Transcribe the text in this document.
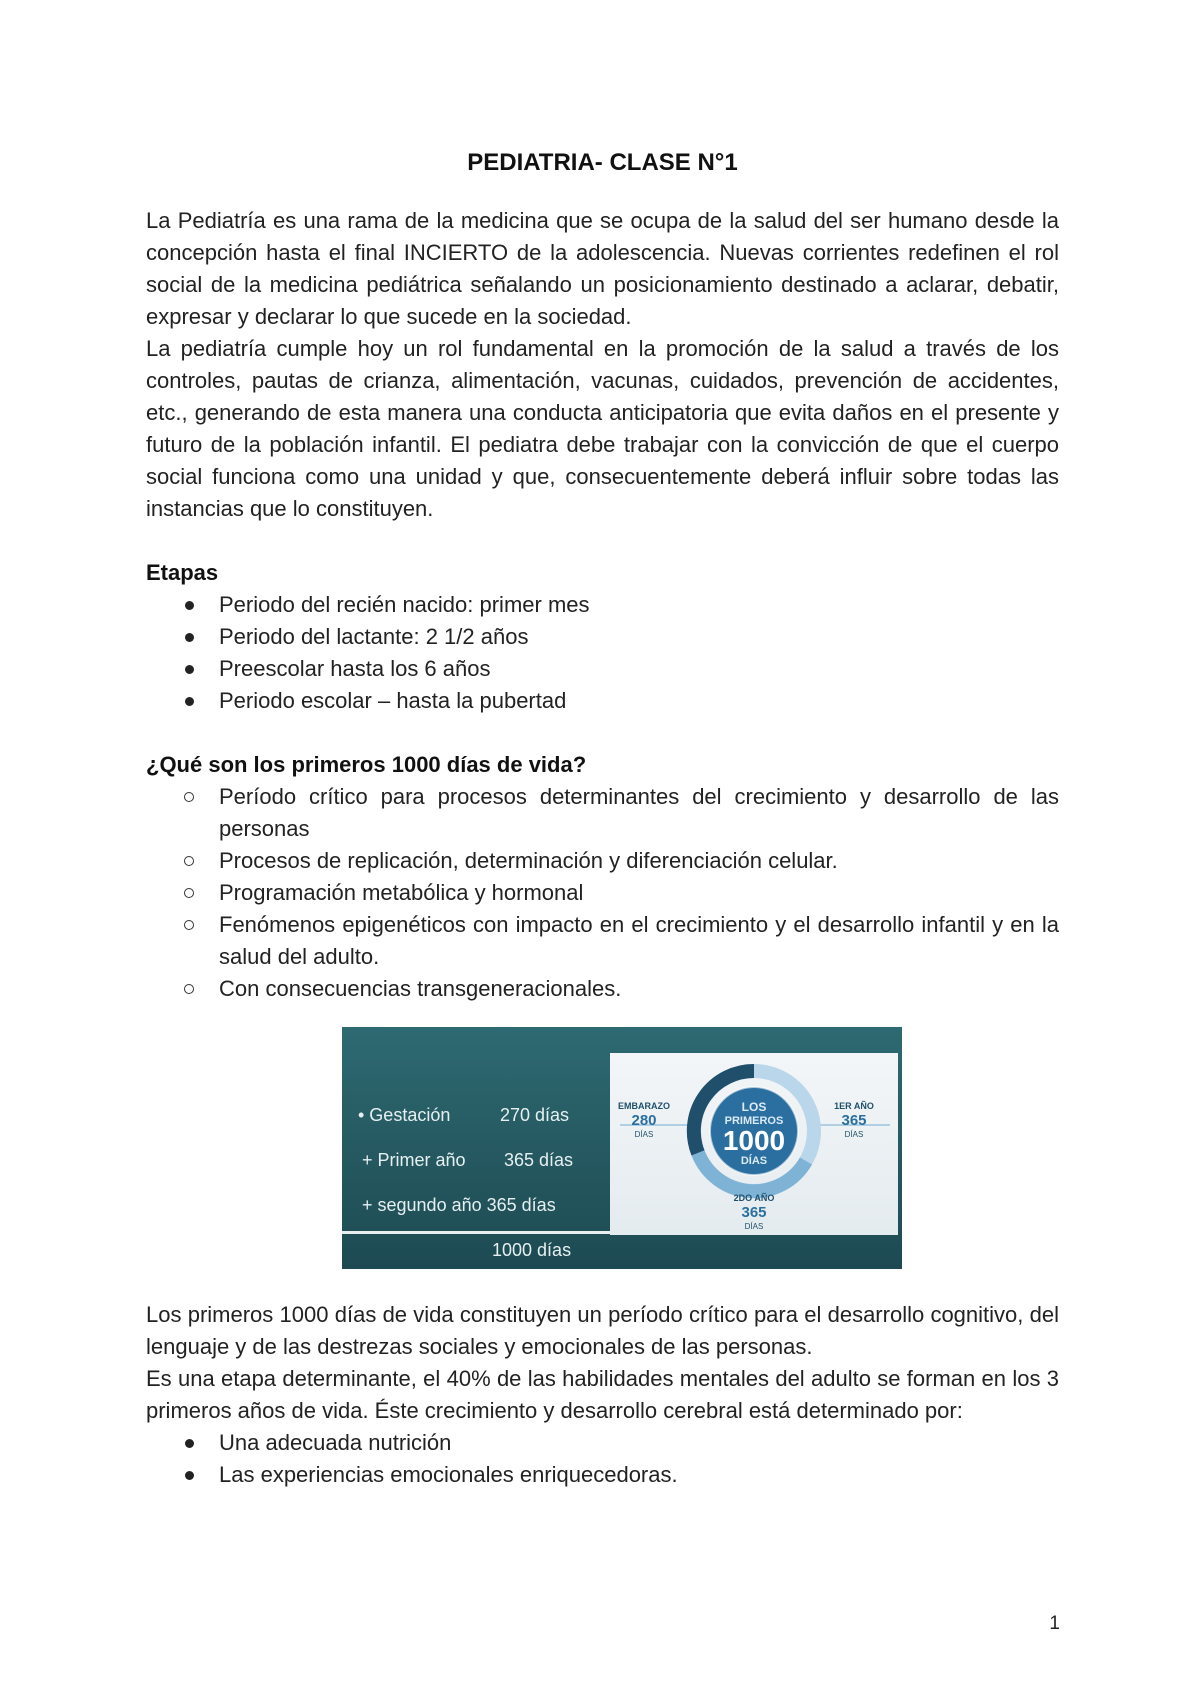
PEDIATRIA- CLASE N°1

La Pediatría es una rama de la medicina que se ocupa de la salud del ser humano desde la concepción hasta el final INCIERTO de la adolescencia. Nuevas corrientes redefinen el rol social de la medicina pediátrica señalando un posicionamiento destinado a aclarar, debatir, expresar y declarar lo que sucede en la sociedad.

La pediatría cumple hoy un rol fundamental en la promoción de la salud a través de los controles, pautas de crianza, alimentación, vacunas, cuidados, prevención de accidentes, etc., generando de esta manera una conducta anticipatoria que evita daños en el presente y futuro de la población infantil. El pediatra debe trabajar con la convicción de que el cuerpo social funciona como una unidad y que, consecuentemente deberá influir sobre todas las instancias que lo constituyen.

Etapas
Periodo del recién nacido: primer mes
Periodo del lactante: 2 1/2 años
Preescolar hasta los 6 años
Periodo escolar – hasta la pubertad
¿Qué son los primeros 1000 días de vida?
Período crítico para procesos determinantes del crecimiento y desarrollo de las personas
Procesos de replicación, determinación y diferenciación celular.
Programación metabólica y hormonal
Fenómenos epigenéticos con impacto en el crecimiento y el desarrollo infantil y en la salud del adulto.
Con consecuencias transgeneracionales.
• Gestación	270 días
+ Primer año 365 días
+ segundo año 365 días
1000 días
LOS
PRIMEROS
1000
DÍAS
EMBARAZO
280
DÍAS
1ER AÑO
365
DÍAS
2DO AÑO
365
DÍAS

Los primeros 1000 días de vida constituyen un período crítico para el desarrollo cognitivo, del lenguaje y de las destrezas sociales y emocionales de las personas.

Es una etapa determinante, el 40% de las habilidades mentales del adulto se forman en los 3 primeros años de vida. Éste crecimiento y desarrollo cerebral está determinado por:

Una adecuada nutrición
Las experiencias emocionales enriquecedoras.
1
